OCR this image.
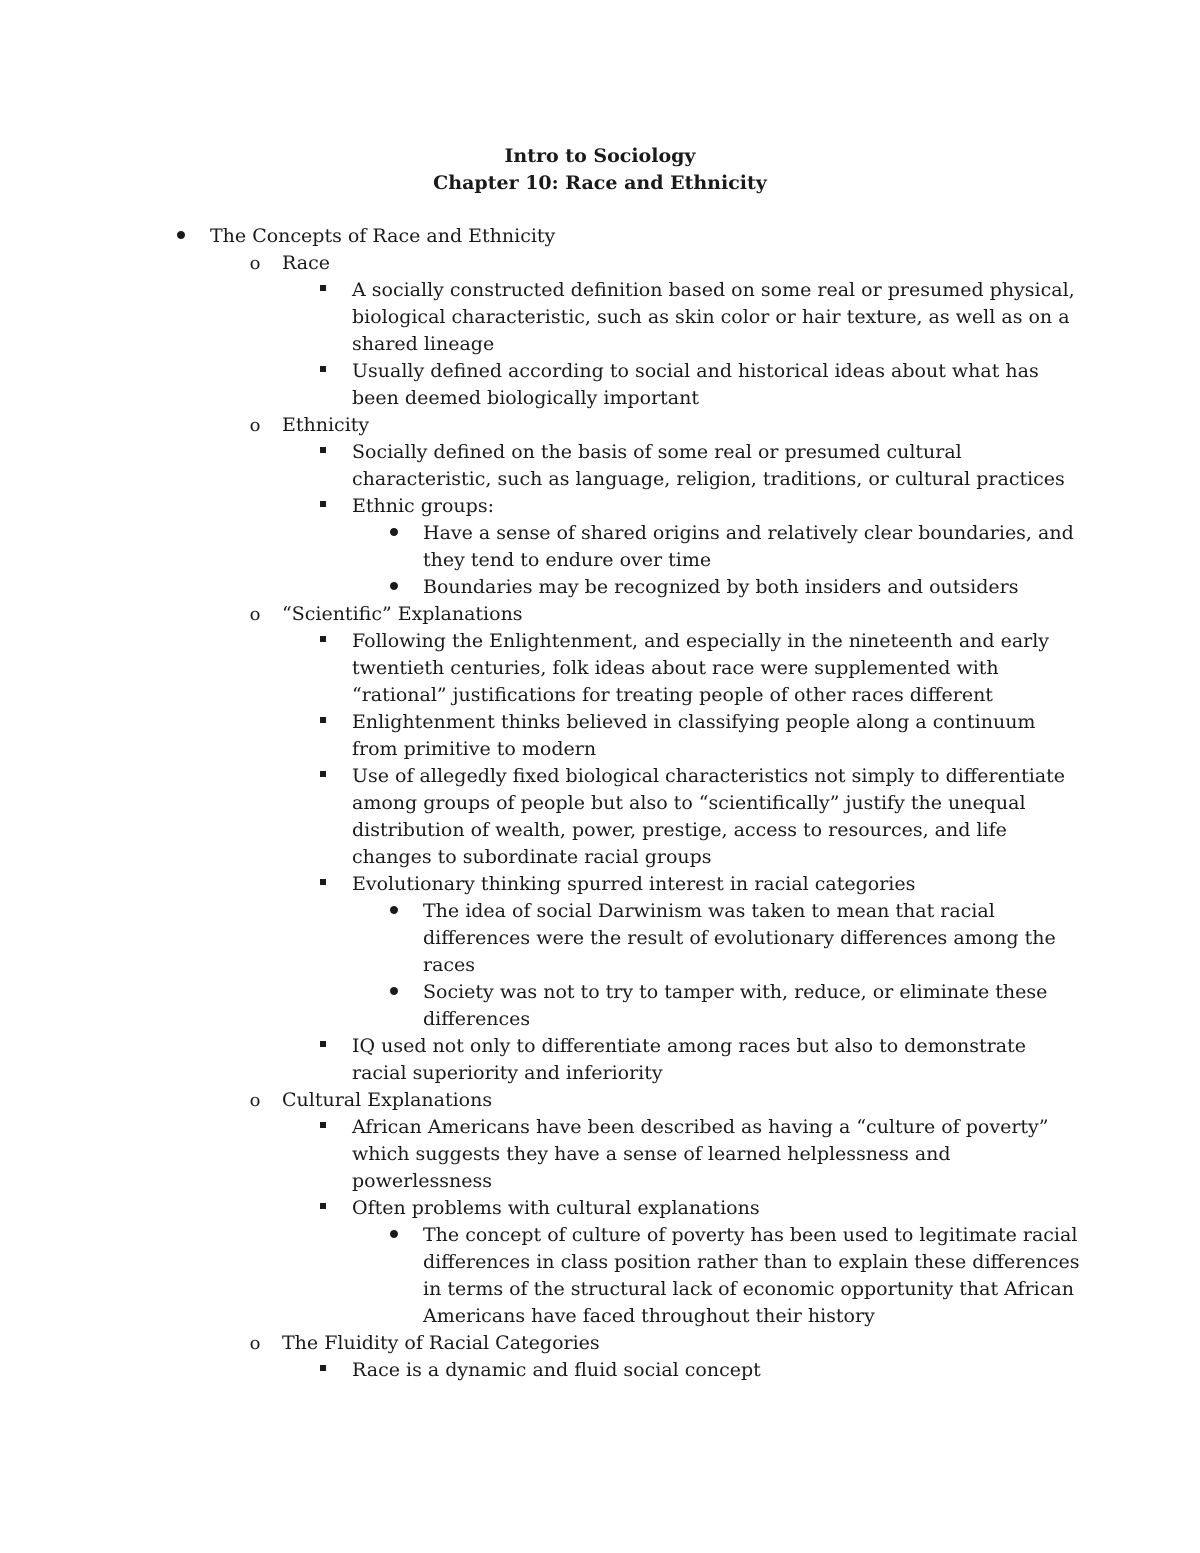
Intro to Sociology
Chapter 10: Race and Ethnicity
The Concepts of Race and Ethnicity
o	Race
A socially constructed definition based on some real or presumed physical,
biological characteristic, such as skin color or hair texture, as well as on a
shared lineage
Usually defined according to social and historical ideas about what has
been deemed biologically important
o	Ethnicity
Socially defined on the basis of some real or presumed cultural
characteristic, such as language, religion, traditions, or cultural practices
Ethnic groups:
Have a sense of shared origins and relatively clear boundaries, and
they tend to endure over time
Boundaries may be recognized by both insiders and outsiders
o	“Scientific” Explanations
Following the Enlightenment, and especially in the nineteenth and early
twentieth centuries, folk ideas about race were supplemented with
“rational” justifications for treating people of other races different
Enlightenment thinks believed in classifying people along a continuum
from primitive to modern
Use of allegedly fixed biological characteristics not simply to differentiate
among groups of people but also to “scientifically” justify the unequal
distribution of wealth, power, prestige, access to resources, and life
changes to subordinate racial groups
Evolutionary thinking spurred interest in racial categories
The idea of social Darwinism was taken to mean that racial
differences were the result of evolutionary differences among the
races
Society was not to try to tamper with, reduce, or eliminate these
differences
IQ used not only to differentiate among races but also to demonstrate
racial superiority and inferiority
o	Cultural Explanations
African Americans have been described as having a “culture of poverty”
which suggests they have a sense of learned helplessness and
powerlessness
Often problems with cultural explanations
The concept of culture of poverty has been used to legitimate racial
differences in class position rather than to explain these differences
in terms of the structural lack of economic opportunity that African
Americans have faced throughout their history
o	The Fluidity of Racial Categories
Race is a dynamic and fluid social concept
